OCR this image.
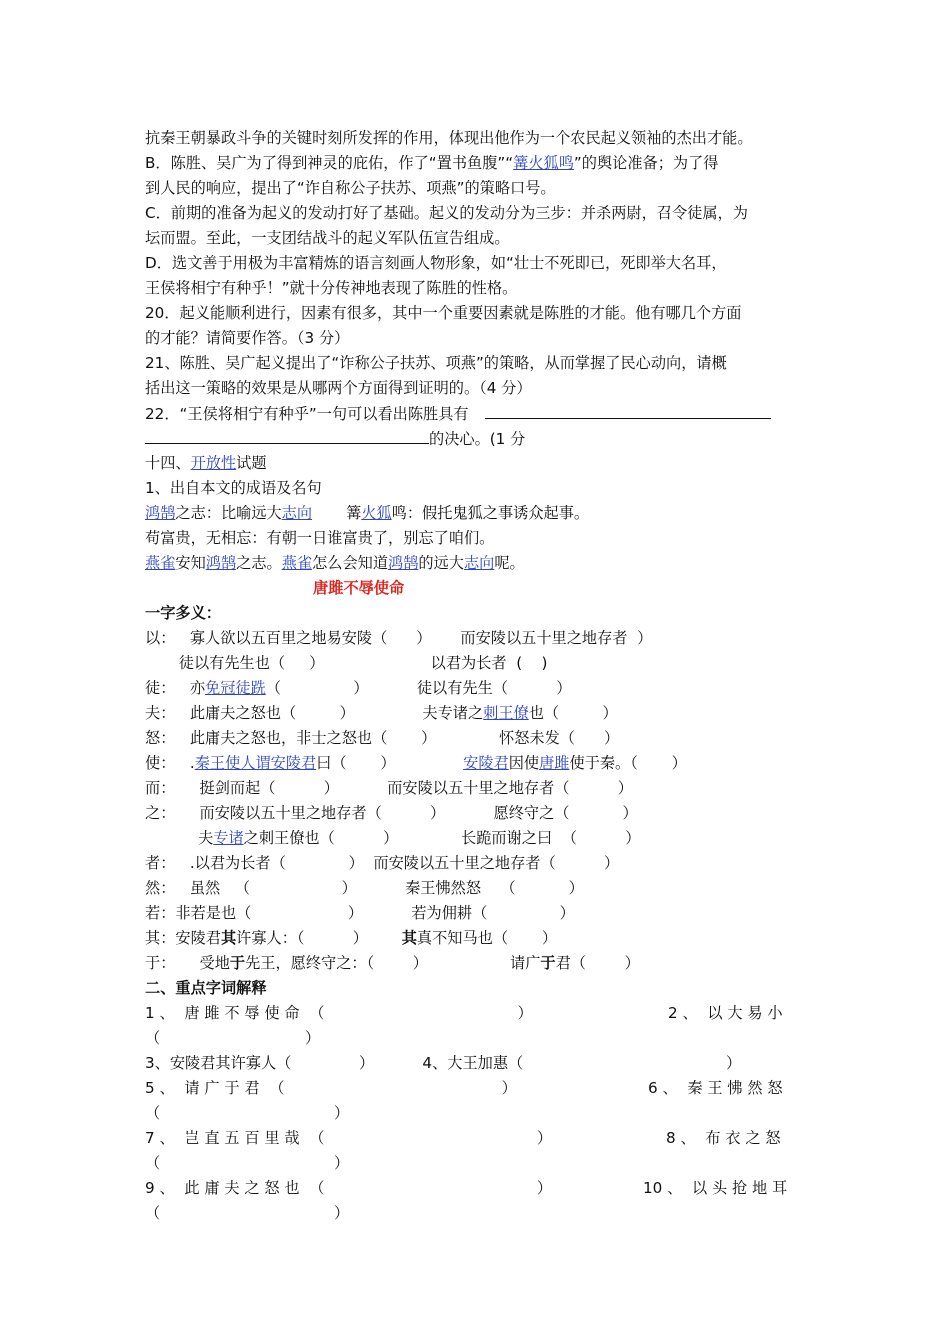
抗秦王朝暴政斗争的关键时刻所发挥的作用，体现出他作为一个农民起义领袖的杰出才能。
B．陈胜、吴广为了得到神灵的庇佑，作了“置书鱼腹”“篝火狐鸣”的舆论准备；为了得
到人民的响应，提出了“诈自称公子扶苏、项燕”的策略口号。
C．前期的准备为起义的发动打好了基础。起义的发动分为三步：并杀两尉，召令徒属，为
坛而盟。至此，一支团结战斗的起义军队伍宣告组成。
D．选文善于用极为丰富精炼的语言刻画人物形象，如“壮士不死即已，死即举大名耳，
王侯将相宁有种乎！”就十分传神地表现了陈胜的性格。
20．起义能顺利进行，因素有很多，其中一个重要因素就是陈胜的才能。他有哪几个方面
的才能？请简要作答。（3 分）
21、陈胜、吴广起义提出了“诈称公子扶苏、项燕”的策略，从而掌握了民心动向，请概
括出这一策略的效果是从哪两个方面得到证明的。（4 分）
22．“王侯将相宁有种乎”一句可以看出陈胜具有
的决心。(1 分
十四、开放性试题
1、出自本文的成语及名句
鸿鹄之志：比喻远大志向 篝火狐鸣：假托鬼狐之事诱众起事。
苟富贵，无相忘：有朝一日谁富贵了，别忘了咱们。
燕雀安知鸿鹄之志。燕雀怎么会知道鸿鹄的远大志向呢。
唐雎不辱使命
一字多义：
以：   寡人欲以五百里之地易安陵（      ）      而安陵以五十里之地存者  ）
徒以有先生也（     ）                      以君为长者  (    )
徒：   亦免冠徒跣（               ）          徒以有先生（          ）
夫：   此庸夫之怒也（         ）              夫专诸之刺王僚也（         ）
怒：   此庸夫之怒也，非士之怒也（       ）             怀怒未发（      ）
使：   .秦王使人谓安陵君曰（       ）              安陵君因使唐雎使于秦。（       ）
而：     挺剑而起（          ）          而安陵以五十里之地存者（          ）
之：     而安陵以五十里之地存者（          ）          愿终守之（           ）
夫专诸之刺王僚也（          ）             长跪而谢之曰  （          ）
者：   .以君为长者（             ）  而安陵以五十里之地存者（          ）
然：   虽然   （                   ）          秦王怫然怒    （           ）
若：非若是也（                    ）          若为佣耕（               ）
其：安陵君其许寡人：（          ）       其真不知马也（       ）
于：     受地于先王，愿终守之：（        ）                 请广于君（        ）
二、重点字词解释
1 、  唐 雎 不 辱 使 命  （                                        ）	2 、  以 大 易 小
（                              ）
3、安陵君其许寡人（              ）          4、大王加惠（                                          ）
5 、  请 广 于 君  （                                             ）	6 、  秦 王 怫 然 怒
（                                    ）
7 、  岂 直 五 百 里 哉  （                                            ）	8 、  布 衣 之 怒
（                                    ）
9 、  此 庸 夫 之 怒 也  （                                            ）	10 、  以 头 抢 地 耳
（                                    ）
